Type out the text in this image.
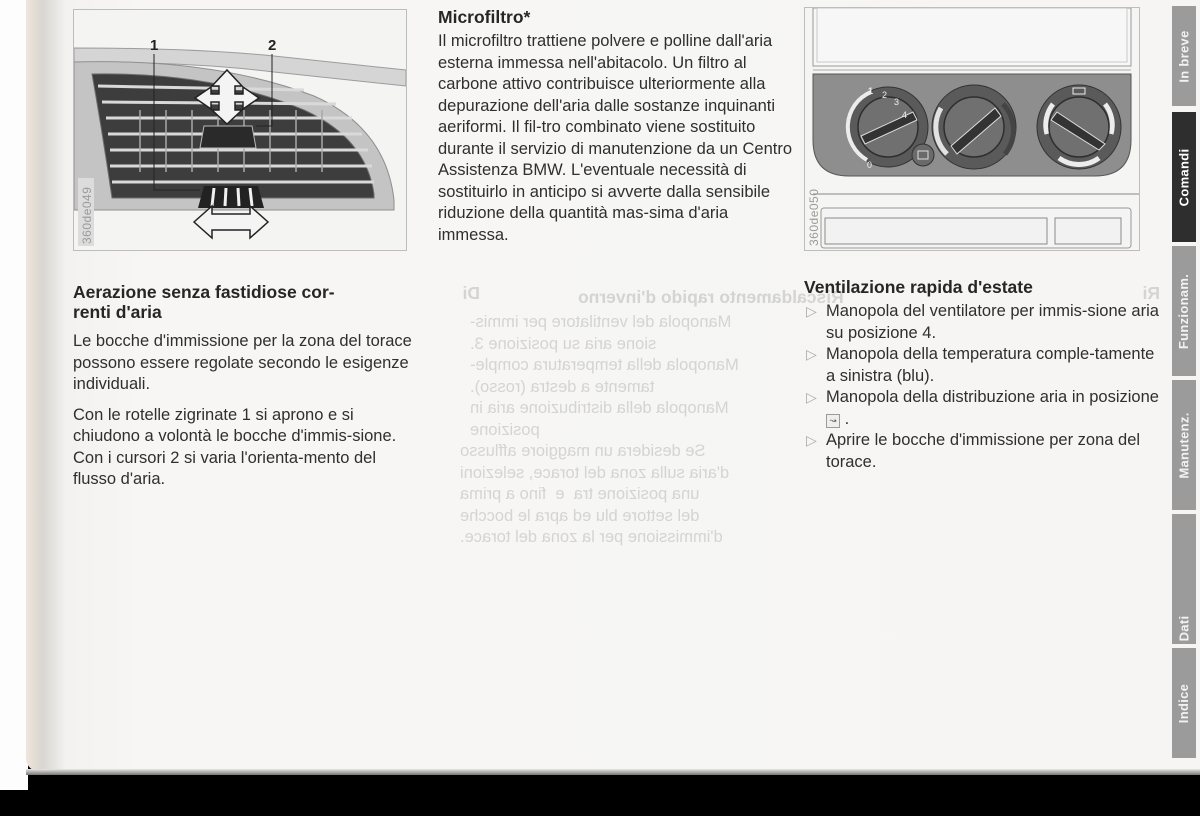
Riscaldamento rapido d'inverno
Manopola del ventilatore per immis-
sione aria su posizione 3.
Manopola della temperatura comple-
tamente a destra (rosso).
Manopola della distribuzione aria in
posizione
Se desidera un maggiore afflusso
d'aria sulla zona del torace, selezioni
una posizione tra  e  fino a prima
del settore blu ed apra le bocche
d'immissione per la zona del torace.
Di	Ri
1	2
360de049
1 2
3
4
0
360de050
Aerazione senza fastidiose cor-
renti d'aria

Le bocche d'immissione per la zona del torace possono essere regolate secondo le esigenze individuali.

Con le rotelle zigrinate 1 si aprono e si chiudono a volontà le bocche d'immis-sione. Con i cursori 2 si varia l'orienta-mento del flusso d'aria.

Microfiltro*

Il microfiltro trattiene polvere e polline dall'aria esterna immessa nell'abitacolo. Un filtro al carbone attivo contribuisce ulteriormente alla depurazione dell'aria dalle sostanze inquinanti aeriformi. Il fil-tro combinato viene sostituito durante il servizio di manutenzione da un Centro Assistenza BMW. L'eventuale necessità di sostituirlo in anticipo si avverte dalla sensibile riduzione della quantità mas-sima d'aria immessa.

Ventilazione rapida d'estate
▷ Manopola del ventilatore per immis-sione aria su posizione 4.
▷ Manopola della temperatura comple-tamente a sinistra (blu).
▷ Manopola della distribuzione aria in posizione ↝ .
▷ Aprire le bocche d'immissione per zona del torace.
In breve
Comandi
Funzionam.
Manutenz.
Dati
Indice
